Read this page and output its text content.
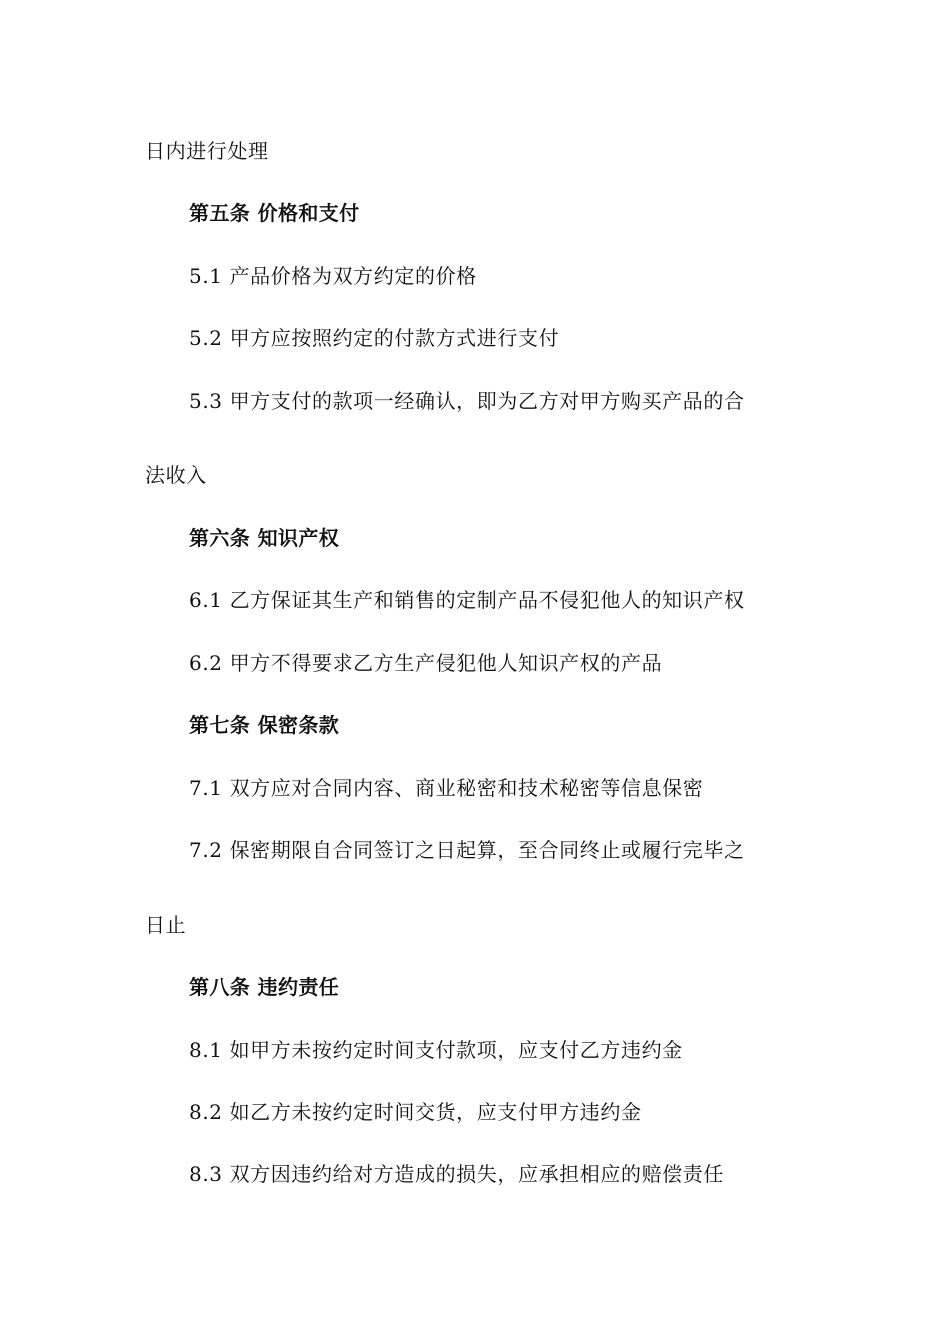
日内进行处理
第五条 价格和支付
5.1 产品价格为双方约定的价格
5.2 甲方应按照约定的付款方式进行支付
5.3 甲方支付的款项一经确认，即为乙方对甲方购买产品的合
法收入
第六条 知识产权
6.1 乙方保证其生产和销售的定制产品不侵犯他人的知识产权
6.2 甲方不得要求乙方生产侵犯他人知识产权的产品
第七条 保密条款
7.1 双方应对合同内容、商业秘密和技术秘密等信息保密
7.2 保密期限自合同签订之日起算，至合同终止或履行完毕之
日止
第八条 违约责任
8.1 如甲方未按约定时间支付款项，应支付乙方违约金
8.2 如乙方未按约定时间交货，应支付甲方违约金
8.3 双方因违约给对方造成的损失，应承担相应的赔偿责任
